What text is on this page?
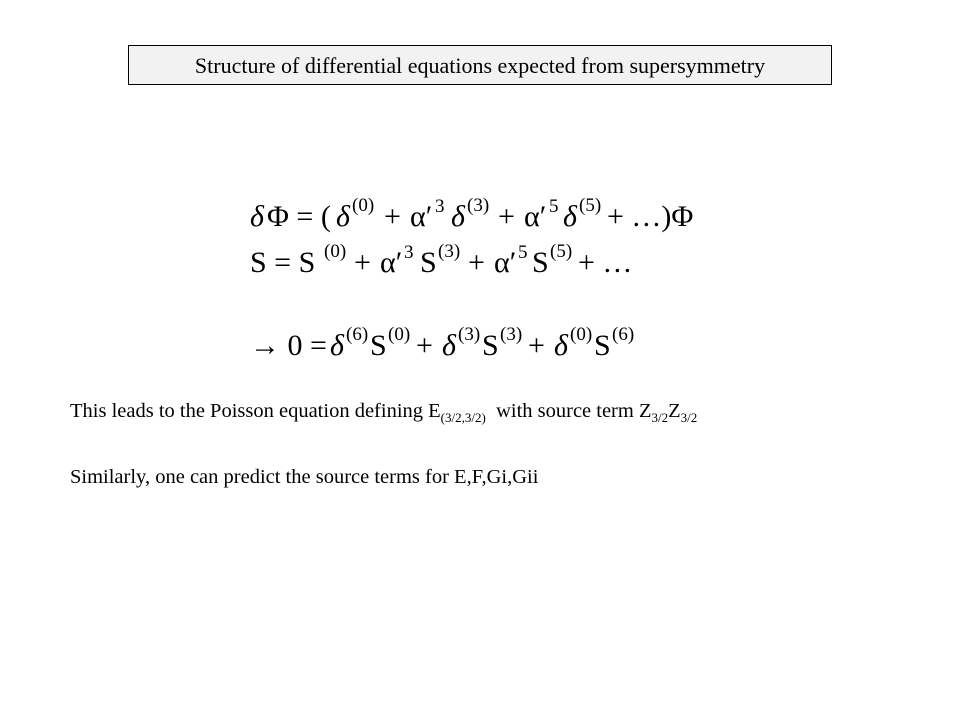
Structure of differential equations expected from supersymmetry
δ Φ = ( δ (0) + α′ 3 δ (3) + α′ 5 δ (5) + …)Φ
S = S (0) + α′ 3 S (3) + α′ 5 S (5) + …
→ 0 = δ (6) S (0) + δ (3) S (3) + δ (0) S (6)
This leads to the Poisson equation defining $E_{(3/2,3/2)}$ with source term $Z_{3/2}Z_{3/2}$
Similarly, one can predict the source terms for E,F,Gi,Gii
